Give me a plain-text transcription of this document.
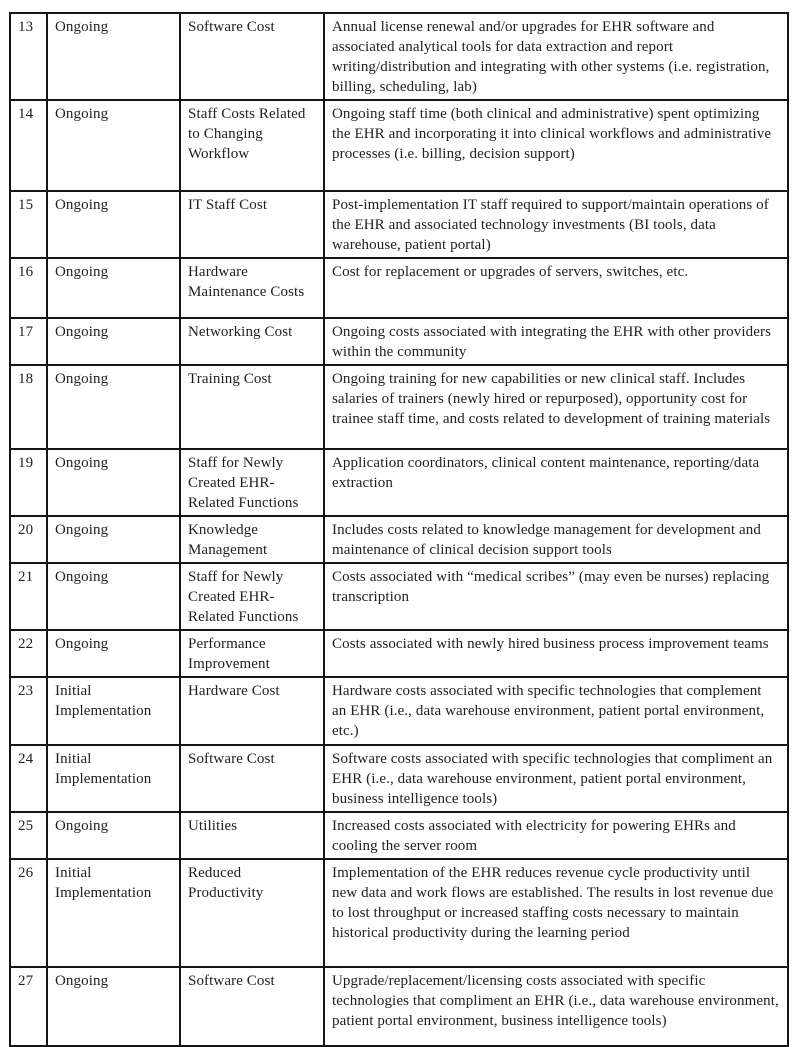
13	Ongoing	Software Cost	Annual license renewal and/or upgrades for EHR software and associated analytical tools for data extraction and report writing/distribution and integrating with other systems (i.e. registration, billing, scheduling, lab)
14	Ongoing	Staff Costs Related to Changing Workflow	Ongoing staff time (both clinical and administrative) spent optimizing the EHR and incorporating it into clinical workflows and administrative processes (i.e. billing, decision support)
15	Ongoing	IT Staff Cost	Post-implementation IT staff required to support/maintain operations of the EHR and associated technology investments (BI tools, data warehouse, patient portal)
16	Ongoing	Hardware Maintenance Costs	Cost for replacement or upgrades of servers, switches, etc.
17	Ongoing	Networking Cost	Ongoing costs associated with integrating the EHR with other providers within the community
18	Ongoing	Training Cost	Ongoing training for new capabilities or new clinical staff. Includes salaries of trainers (newly hired or repurposed), opportunity cost for trainee staff time, and costs related to development of training materials
19	Ongoing	Staff for Newly Created EHR-Related Functions	Application coordinators, clinical content maintenance, reporting/data extraction
20	Ongoing	Knowledge Management	Includes costs related to knowledge management for development and maintenance of clinical decision support tools
21	Ongoing	Staff for Newly Created EHR-Related Functions	Costs associated with “medical scribes” (may even be nurses) replacing transcription
22	Ongoing	Performance Improvement	Costs associated with newly hired business process improvement teams
23	Initial Implementation	Hardware Cost	Hardware costs associated with specific technologies that complement an EHR (i.e., data warehouse environment, patient portal environment, etc.)
24	Initial Implementation	Software Cost	Software costs associated with specific technologies that compliment an EHR (i.e., data warehouse environment, patient portal environment, business intelligence tools)
25	Ongoing	Utilities	Increased costs associated with electricity for powering EHRs and cooling the server room
26	Initial Implementation	Reduced Productivity	Implementation of the EHR reduces revenue cycle productivity until new data and work flows are established. The results in lost revenue due to lost throughput or increased staffing costs necessary to maintain historical productivity during the learning period
27	Ongoing	Software Cost	Upgrade/replacement/licensing costs associated with specific technologies that compliment an EHR (i.e., data warehouse environment, patient portal environment, business intelligence tools)
